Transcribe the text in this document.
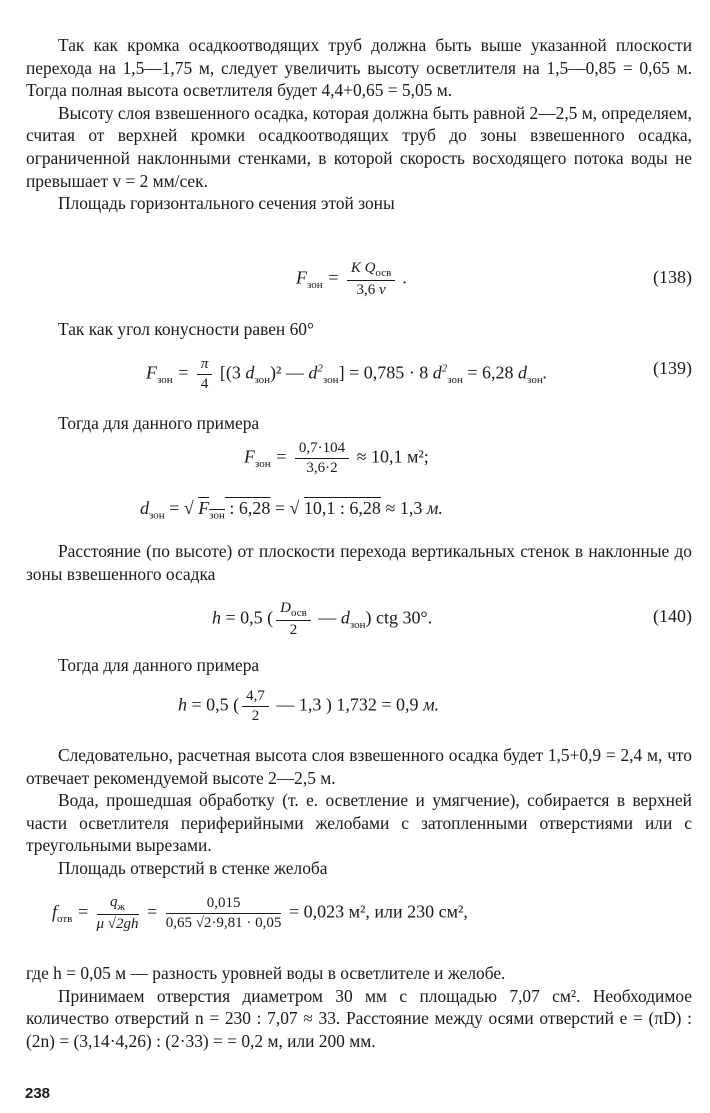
Так как кромка осадкоотводящих труб должна быть выше указанной плоскости перехода на 1,5—1,75 м, следует увеличить высоту осветлителя на 1,5—0,85 = 0,65 м. Тогда полная высота осветлителя будет 4,4+0,65 = 5,05 м.

Высоту слоя взвешенного осадка, которая должна быть равной 2—2,5 м, определяем, считая от верхней кромки осадкоотводящих труб до зоны взвешенного осадка, ограниченной наклонными стенками, в которой скорость восходящего потока воды не превышает v = 2 мм/сек.

Площадь горизонтального сечения этой зоны

$F_{зон} = \frac{K Q_{осв}}{3,6 v}$ .	(138)

Так как угол конусности равен 60°

$F_{зон} = \frac{\pi}{4} [(3$ $d_{зон})^2$ — $d^2_{зон}] = 0,785 \cdot 8$ $d^2_{зон} = 6,28$ $d_{зон}$.	(139)

Тогда для данного примера

$F_{зон} = \frac{0,7\cdot 104}{3,6\cdot 2} \approx 10,1$ м²;
$d_{зон}$ = √ $F_{зон}$ : 6,28 = √ 10,1 : 6,28 ≈ 1,3 м.

Расстояние (по высоте) от плоскости перехода вертикальных стенок в наклонные до зоны взвешенного осадка

h = 0,5 ( $\frac{D_{осв}}{2}$ — $d_{зон}$) ctg 30°.	(140)

Тогда для данного примера

h = 0,5 ( $\frac{4,7}{2}$ — 1,3 ) 1,732 = 0,9 м.

Следовательно, расчетная высота слоя взвешенного осадка будет 1,5+0,9 = 2,4 м, что отвечает рекомендуемой высоте 2—2,5 м.

Вода, прошедшая обработку (т. е. осветление и умягчение), собирается в верхней части осветлителя периферийными желобами с затопленными отверстиями или с треугольными вырезами.

Площадь отверстий в стенке желоба

$f_{отв} = \frac{q_ж}{\mu √2gh} = \frac{0,015}{0,65 √2\cdot 9,81 \cdot 0,05} = 0,023$ м², или 230 см²,

где h = 0,05 м — разность уровней воды в осветлителе и желобе.

Принимаем отверстия диаметром 30 мм с площадью 7,07 см². Необходимое количество отверстий n = 230 : 7,07 ≈ 33. Расстояние между осями отверстий e = (πD) : (2n) = (3,14·4,26) : (2·33) = = 0,2 м, или 200 мм.

238
